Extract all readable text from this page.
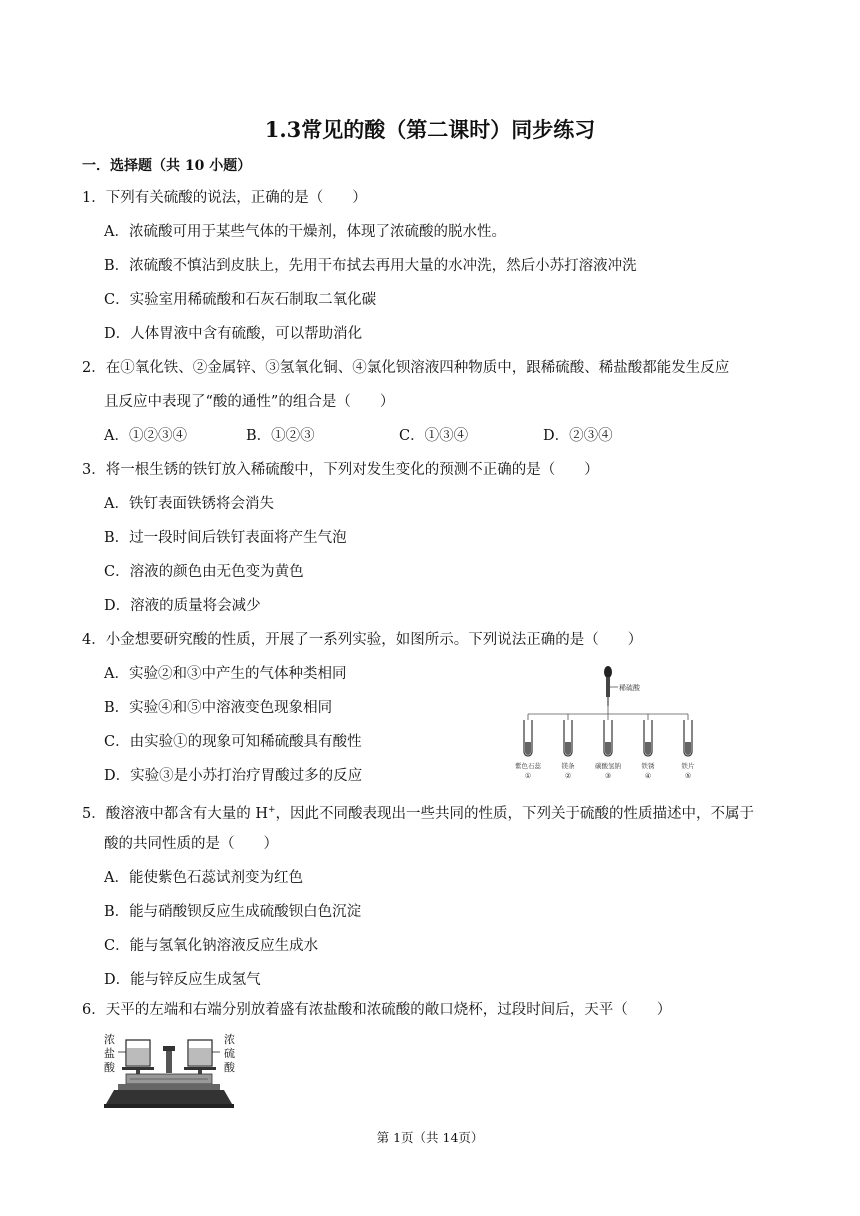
1.3常见的酸（第二课时）同步练习
一．选择题（共 10 小题）
1．下列有关硫酸的说法，正确的是（　　）
A．浓硫酸可用于某些气体的干燥剂，体现了浓硫酸的脱水性。
B．浓硫酸不慎沾到皮肤上，先用干布拭去再用大量的水冲洗，然后小苏打溶液冲洗
C．实验室用稀硫酸和石灰石制取二氧化碳
D．人体胃液中含有硫酸，可以帮助消化
2．在①氧化铁、②金属锌、③氢氧化铜、④氯化钡溶液四种物质中，跟稀硫酸、稀盐酸都能发生反应
且反应中表现了“酸的通性”的组合是（　　）
A．①②③④	B．①②③	C．①③④	D．②③④
3．将一根生锈的铁钉放入稀硫酸中，下列对发生变化的预测不正确的是（　　）
A．铁钉表面铁锈将会消失
B．过一段时间后铁钉表面将产生气泡
C．溶液的颜色由无色变为黄色
D．溶液的质量将会减少
4．小金想要研究酸的性质，开展了一系列实验，如图所示。下列说法正确的是（　　）
A．实验②和③中产生的气体种类相同
B．实验④和⑤中溶液变色现象相同
C．由实验①的现象可知稀硫酸具有酸性
D．实验③是小苏打治疗胃酸过多的反应
稀硫酸
紫色石蕊
①
镁条
②
碳酸氢钠
③
铁锈
④
铁片
⑤
5．酸溶液中都含有大量的 H+，因此不同酸表现出一些共同的性质，下列关于硫酸的性质描述中，不属于
酸的共同性质的是（　　）
A．能使紫色石蕊试剂变为红色
B．能与硝酸钡反应生成硫酸钡白色沉淀
C．能与氢氧化钠溶液反应生成水
D．能与锌反应生成氢气
6．天平的左端和右端分别放着盛有浓盐酸和浓硫酸的敞口烧杯，过段时间后，天平（　　）
浓
盐
酸
浓
硫
酸
第 1页（共 14页）
